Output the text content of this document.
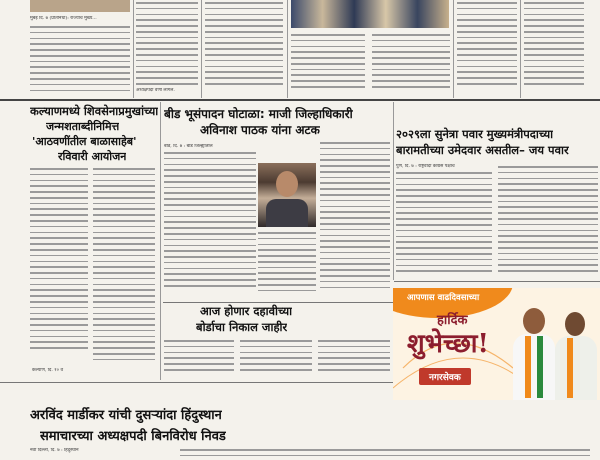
मुंबई दि. ७ (प्रतिनिधी): राज्याचे मुख्य...
अध्यक्षपदी वर्णी लागेल.
कल्याणमध्ये शिवसेनाप्रमुखांच्या
जन्मशताब्दीनिमित्त
'आठवणींतील बाळासाहेब'
रविवारी आयोजन
कल्याण, दि. १० वे
बीड भूसंपादन घोटाळा: माजी जिल्हाधिकारी
अविनाश पाठक यांना अटक
बीड, दि. ७ : बीड जिल्ह्यातील
२०२९ला सुनेत्रा पवार मुख्यमंत्रीपदाच्या
बारामतीच्या उमेदवार असतील– जय पवार
पुणे, दि. ७ : राष्ट्रवादी काँग्रेस पक्षाचे
आज होणार दहावीच्या
बोर्डाचा निकाल जाहीर
आपणास वाढदिवसाच्या
हार्दिक
शुभेच्छा!
नगरसेवक
अरविंद मार्डीकर यांची दुसऱ्यांदा हिंदुस्थान
समाचारच्या अध्यक्षपदी बिनविरोध निवड
नवी दिल्ली, दि. ७ : हिंदुस्थान
